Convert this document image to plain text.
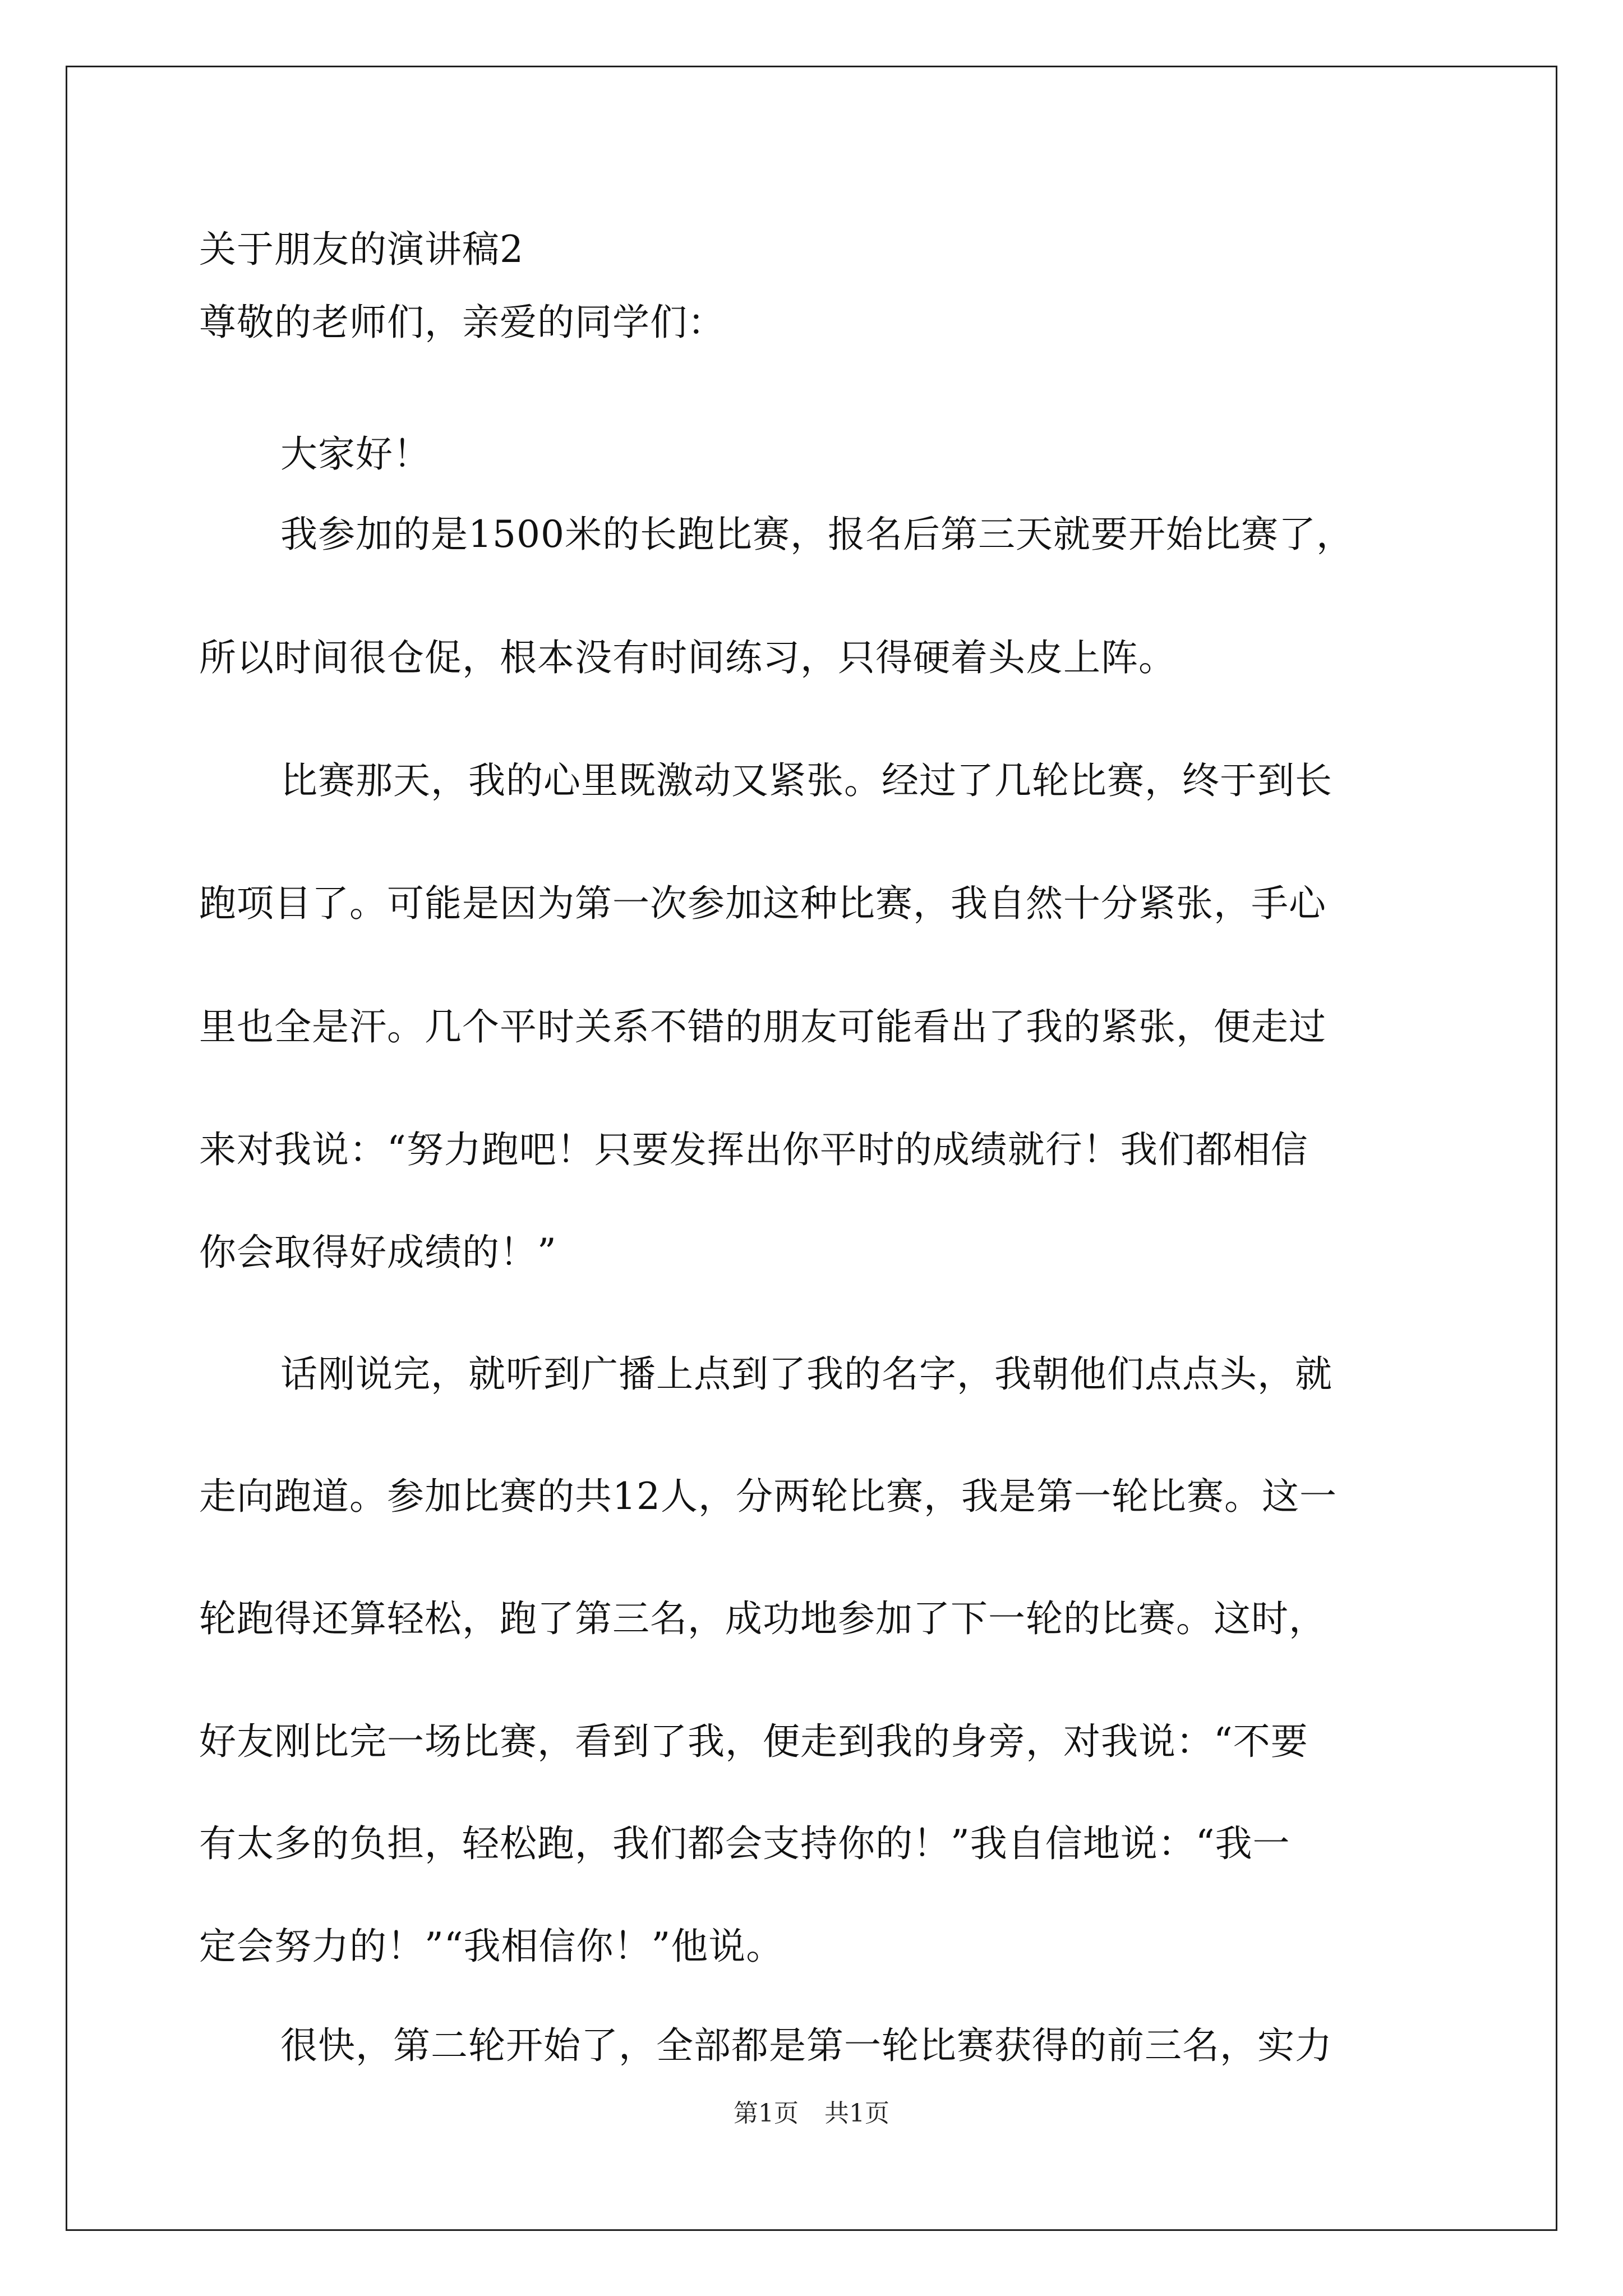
关于朋友的演讲稿2
尊敬的老师们，亲爱的同学们：
大家好！
我参加的是1500米的长跑比赛，报名后第三天就要开始比赛了，
所以时间很仓促，根本没有时间练习，只得硬着头皮上阵。
比赛那天，我的心里既激动又紧张。经过了几轮比赛，终于到长
跑项目了。可能是因为第一次参加这种比赛，我自然十分紧张，手心
里也全是汗。几个平时关系不错的朋友可能看出了我的紧张，便走过
来对我说：“努力跑吧！只要发挥出你平时的成绩就行！我们都相信
你会取得好成绩的！”
话刚说完，就听到广播上点到了我的名字，我朝他们点点头，就
走向跑道。参加比赛的共12人，分两轮比赛，我是第一轮比赛。这一
轮跑得还算轻松，跑了第三名，成功地参加了下一轮的比赛。这时，
好友刚比完一场比赛，看到了我，便走到我的身旁，对我说：“不要
有太多的负担，轻松跑，我们都会支持你的！”我自信地说：“我一
定会努力的！”“我相信你！”他说。
很快，第二轮开始了，全部都是第一轮比赛获得的前三名，实力
第1页 共1页
